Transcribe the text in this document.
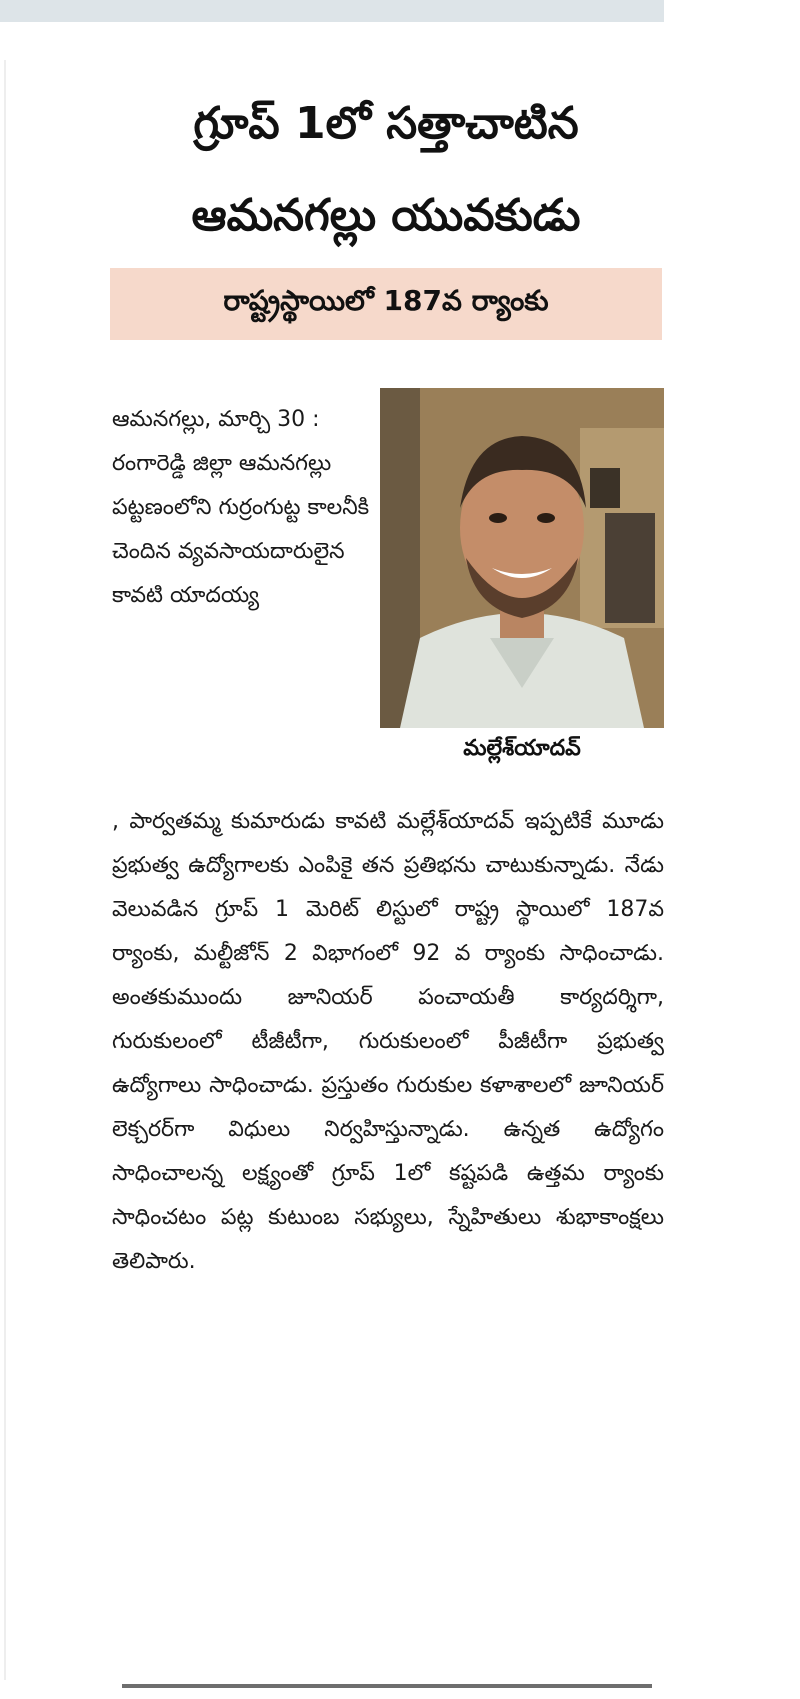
గ్రూప్ 1లో సత్తాచాటిన ఆమనగల్లు యువకుడు
రాష్ట్రస్థాయిలో 187వ ర్యాంకు
మల్లేశ్‌యాదవ్
ఆమనగల్లు, మార్చి 30 : రంగారెడ్డి జిల్లా ఆమనగల్లు పట్టణంలోని గుర్రంగుట్ట కాలనీకి చెందిన వ్యవసాయదారులైన కావటి యాదయ్య
, పార్వతమ్మ కుమారుడు కావటి మల్లేశ్‌యాదవ్‌ ఇప్పటికే మూడు ప్రభుత్వ ఉద్యోగాలకు ఎంపికై తన ప్రతిభను చాటుకున్నాడు. నేడు వెలువడిన గ్రూప్ 1 మెరిట్ లిస్టులో రాష్ట్ర స్థాయిలో 187వ ర్యాంకు, మల్టీజోన్ 2 విభాగంలో 92 వ ర్యాంకు సాధించాడు. అంతకుముందు జూనియర్ పంచాయతీ కార్యదర్శిగా, గురుకులంలో టీజీటీగా, గురుకులంలో పీజీటీగా ప్రభుత్వ ఉద్యోగాలు సాధించాడు. ప్రస్తుతం గురుకుల కళాశాలలో జూనియర్ లెక్చరర్‌గా విధులు నిర్వహిస్తున్నాడు. ఉన్నత ఉద్యోగం సాధించాలన్న లక్ష్యంతో గ్రూప్ 1లో కష్టపడి ఉత్తమ ర్యాంకు సాధించటం పట్ల కుటుంబ సభ్యులు, స్నేహితులు శుభాకాంక్షలు తెలిపారు.
